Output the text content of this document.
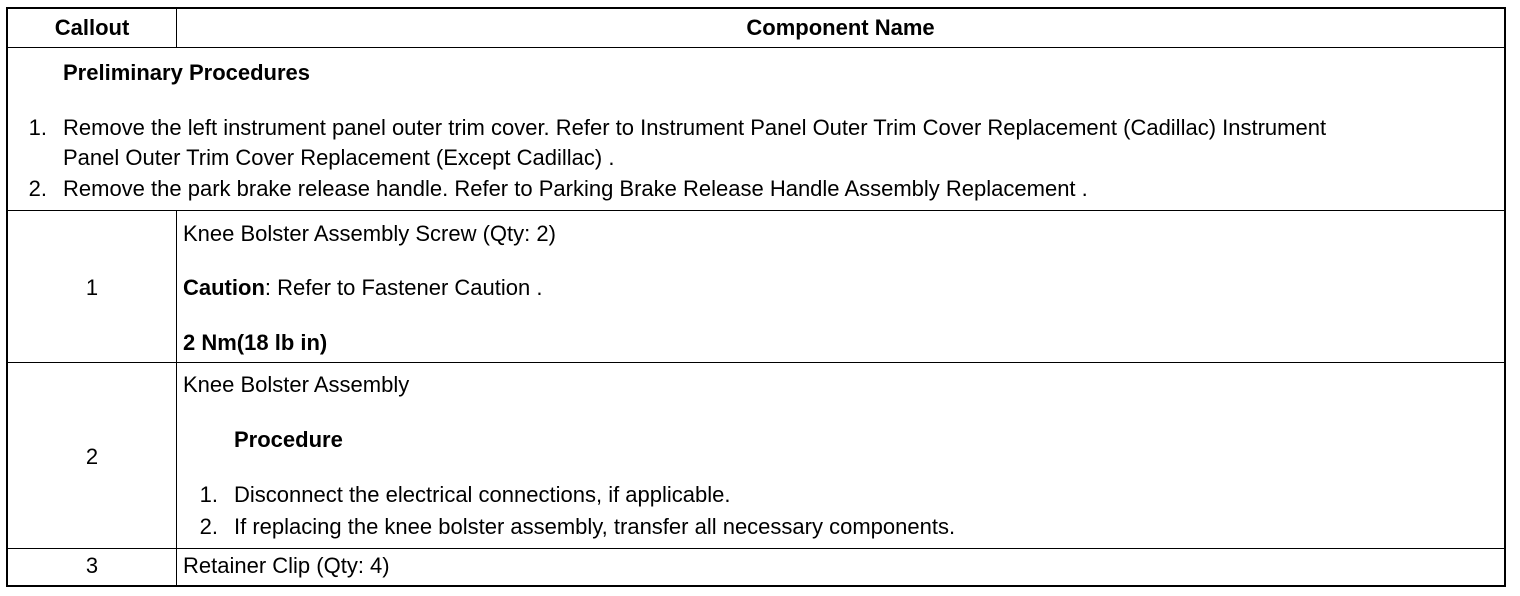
Callout	Component Name
Preliminary Procedures
1. Remove the left instrument panel outer trim cover. Refer to Instrument Panel Outer Trim Cover Replacement (Cadillac) Instrument
Panel Outer Trim Cover Replacement (Except Cadillac) .
2. Remove the park brake release handle. Refer to Parking Brake Release Handle Assembly Replacement .
1
Knee Bolster Assembly Screw (Qty: 2)
Caution: Refer to Fastener Caution .
2 Nm(18 lb in)
2
Knee Bolster Assembly
Procedure
1. Disconnect the electrical connections, if applicable.
2. If replacing the knee bolster assembly, transfer all necessary components.
3	Retainer Clip (Qty: 4)
